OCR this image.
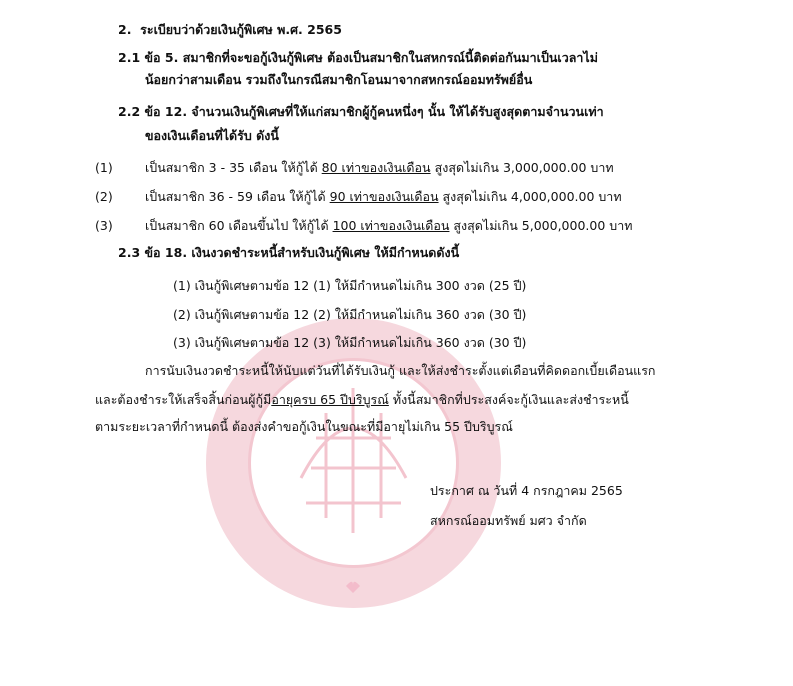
2. ระเบียบว่าด้วยเงินกู้พิเศษ พ.ศ. 2565
2.1 ข้อ 5. สมาชิกที่จะขอกู้เงินกู้พิเศษ ต้องเป็นสมาชิกในสหกรณ์นี้ติดต่อกันมาเป็นเวลาไม่
น้อยกว่าสามเดือน รวมถึงในกรณีสมาชิกโอนมาจากสหกรณ์ออมทรัพย์อื่น
2.2 ข้อ 12. จำนวนเงินกู้พิเศษที่ให้แก่สมาชิกผู้กู้คนหนึ่งๆ นั้น ให้ได้รับสูงสุดตามจำนวนเท่า
ของเงินเดือนที่ได้รับ ดังนี้
(1)	เป็นสมาชิก 3 - 35 เดือน ให้กู้ได้ 80 เท่าของเงินเดือน สูงสุดไม่เกิน 3,000,000.00 บาท
(2)	เป็นสมาชิก 36 - 59 เดือน ให้กู้ได้ 90 เท่าของเงินเดือน สูงสุดไม่เกิน 4,000,000.00 บาท
(3)	เป็นสมาชิก 60 เดือนขึ้นไป ให้กู้ได้ 100 เท่าของเงินเดือน สูงสุดไม่เกิน 5,000,000.00 บาท
2.3 ข้อ 18. เงินงวดชำระหนี้สำหรับเงินกู้พิเศษ ให้มีกำหนดดังนี้
(1) เงินกู้พิเศษตามข้อ 12 (1) ให้มีกำหนดไม่เกิน 300 งวด (25 ปี)
(2) เงินกู้พิเศษตามข้อ 12 (2) ให้มีกำหนดไม่เกิน 360 งวด (30 ปี)
(3) เงินกู้พิเศษตามข้อ 12 (3) ให้มีกำหนดไม่เกิน 360 งวด (30 ปี)
การนับเงินงวดชำระหนี้ให้นับแต่วันที่ได้รับเงินกู้ และให้ส่งชำระตั้งแต่เดือนที่คิดดอกเบี้ยเดือนแรก
และต้องชำระให้เสร็จสิ้นก่อนผู้กู้มีอายุครบ 65 ปีบริบูรณ์ ทั้งนี้สมาชิกที่ประสงค์จะกู้เงินและส่งชำระหนี้
ตามระยะเวลาที่กำหนดนี้ ต้องส่งคำขอกู้เงินในขณะที่มีอายุไม่เกิน 55 ปีบริบูรณ์
ประกาศ ณ วันที่ 4 กรกฎาคม 2565
สหกรณ์ออมทรัพย์ มศว จำกัด
